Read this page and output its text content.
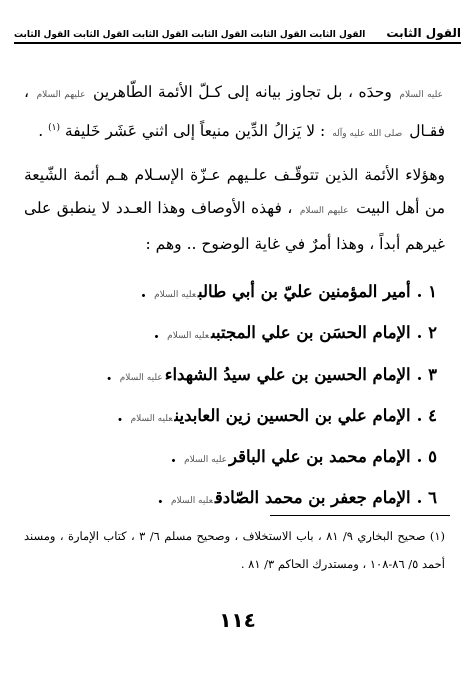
القول الثابت
القول الثابت القول الثابت القول الثابت القول الثابت القول الثابت القول الثابت

عليه السلام وحدَه ، بل تجاوز بيانه إلى كـلّ الأئمة الطّاهرين عليهم السلام ، فقـال صلى الله عليه وآله : لا يَزالُ الدِّين منيعاً إلى اثني عَشَر خَليفة $^{(١)}$ .

وهؤلاء الأئمة الذين تتوقّـف علـيهم عـزّة الإسـلام هـم أئمة الشّيعة من أهل البيت عليهم السلام ، فهذه الأوصاف وهذا العـدد لا ينطبق على غيرهم أبداً ، وهذا أمرٌ في غاية الوضوح .. وهم :

١ .أمير المؤمنين عليّ بن أبي طالبعليه السلام .
٢ .الإمام الحسَن بن علي المجتبىعليه السلام .
٣ .الإمام الحسين بن علي سيدُ الشهداءعليه السلام .
٤ .الإمام علي بن الحسين زين العابدينعليه السلام .
٥ .الإمام محمد بن علي الباقرعليه السلام .
٦ .الإمام جعفر بن محمد الصّادقعليه السلام .

(١) صحيح البخاري ٩/ ٨١ ، باب الاستخلاف ، وصحيح مسلم ٦/ ٣ ، كتاب الإمارة ، ومسند أحمد ٥/ ٨٦-١٠٨ ، ومستدرك الحاكم ٣/ ٨١ .

١١٤
